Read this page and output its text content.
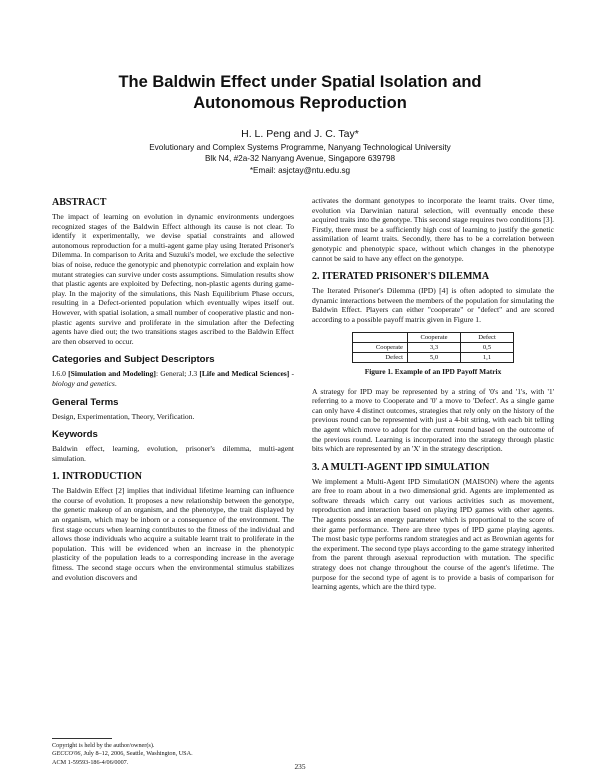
The Baldwin Effect under Spatial Isolation and
Autonomous Reproduction
H. L. Peng and J. C. Tay*
Evolutionary and Complex Systems Programme, Nanyang Technological University
Blk N4, #2a-32 Nanyang Avenue, Singapore 639798
*Email: asjctay@ntu.edu.sg
ABSTRACT

The impact of learning on evolution in dynamic environments undergoes recognized stages of the Baldwin Effect although its cause is not clear. To identify it experimentally, we devise spatial constraints and allowed autonomous reproduction for a multi-agent game play using Iterated Prisoner's Dilemma. In comparison to Arita and Suzuki's model, we exclude the selective bias of noise, reduce the genotypic and phenotypic correlation and explain how mutant strategies can survive under costs assumptions. Simulation results show that plastic agents are exploited by Defecting, non-plastic agents during game-play. In the majority of the simulations, this Nash Equilibrium Phase occurs, resulting in a Defect-oriented population which eventually wipes itself out. However, with spatial isolation, a small number of cooperative plastic and non-plastic agents survive and proliferate in the simulation after the Defecting agents have died out; the two transitions stages ascribed to the Baldwin Effect are then observed to occur.

Categories and Subject Descriptors

I.6.0 [Simulation and Modeling]: General; J.3 [Life and Medical Sciences] - biology and genetics.

General Terms

Design, Experimentation, Theory, Verification.

Keywords

Baldwin effect, learning, evolution, prisoner's dilemma, multi-agent simulation.

1. INTRODUCTION

The Baldwin Effect [2] implies that individual lifetime learning can influence the course of evolution. It proposes a new relationship between the genotype, the genetic makeup of an organism, and the phenotype, the trait displayed by an organism, which may be inborn or a consequence of the environment. The first stage occurs when learning contributes to the fitness of the individual and allows those individuals who acquire a suitable learnt trait to proliferate in the population. This will be evidenced when an increase in the phenotypic plasticity of the population leads to a corresponding increase in the average fitness. The second stage occurs when the environmental stimulus stabilizes and evolution discovers and

activates the dormant genotypes to incorporate the learnt traits. Over time, evolution via Darwinian natural selection, will eventually encode these acquired traits into the genotype. This second stage requires two conditions [3]. Firstly, there must be a sufficiently high cost of learning to justify the genetic assimilation of learnt traits. Secondly, there has to be a correlation between genotypic and phenotypic space, without which changes in the phenotype cannot be said to have any effect on the genotype.

2. ITERATED PRISONER'S DILEMMA

The Iterated Prisoner's Dilemma (IPD) [4] is often adopted to simulate the dynamic interactions between the members of the population for simulating the Baldwin Effect. Players can either "cooperate" or "defect" and are scored according to a possible payoff matrix given in Figure 1.

	Cooperate	Defect
Cooperate	3,3	0,5
Defect	5,0	1,1
Figure 1. Example of an IPD Payoff Matrix

A strategy for IPD may be represented by a string of '0's and '1's, with '1' referring to a move to Cooperate and '0' a move to 'Defect'. As a single game can only have 4 distinct outcomes, strategies that rely only on the history of the previous round can be represented with just a 4-bit string, with each bit telling the agent which move to adopt for the current round based on the outcome of the previous round. Learning is incorporated into the strategy through plastic bits which are represented by an 'X' in the strategy description.

3. A MULTI-AGENT IPD SIMULATION

We implement a Multi-Agent IPD SimulatiON (MAISON) where the agents are free to roam about in a two dimensional grid. Agents are implemented as software threads which carry out various activities such as movement, reproduction and interaction based on playing IPD games with other agents. The agents possess an energy parameter which is proportional to the score of their game performance. There are three types of IPD game playing agents. The most basic type performs random strategies and act as Brownian agents for the experiment. The second type plays according to the game strategy inherited from the parent through asexual reproduction with mutation. The specific strategy does not change throughout the course of the agent's lifetime. The purpose for the second type of agent is to provide a basis of comparison for learning agents, which are the third type.

Copyright is held by the author/owner(s).
GECCO'06, July 8–12, 2006, Seattle, Washington, USA.
ACM 1-59593-186-4/06/0007.	235
